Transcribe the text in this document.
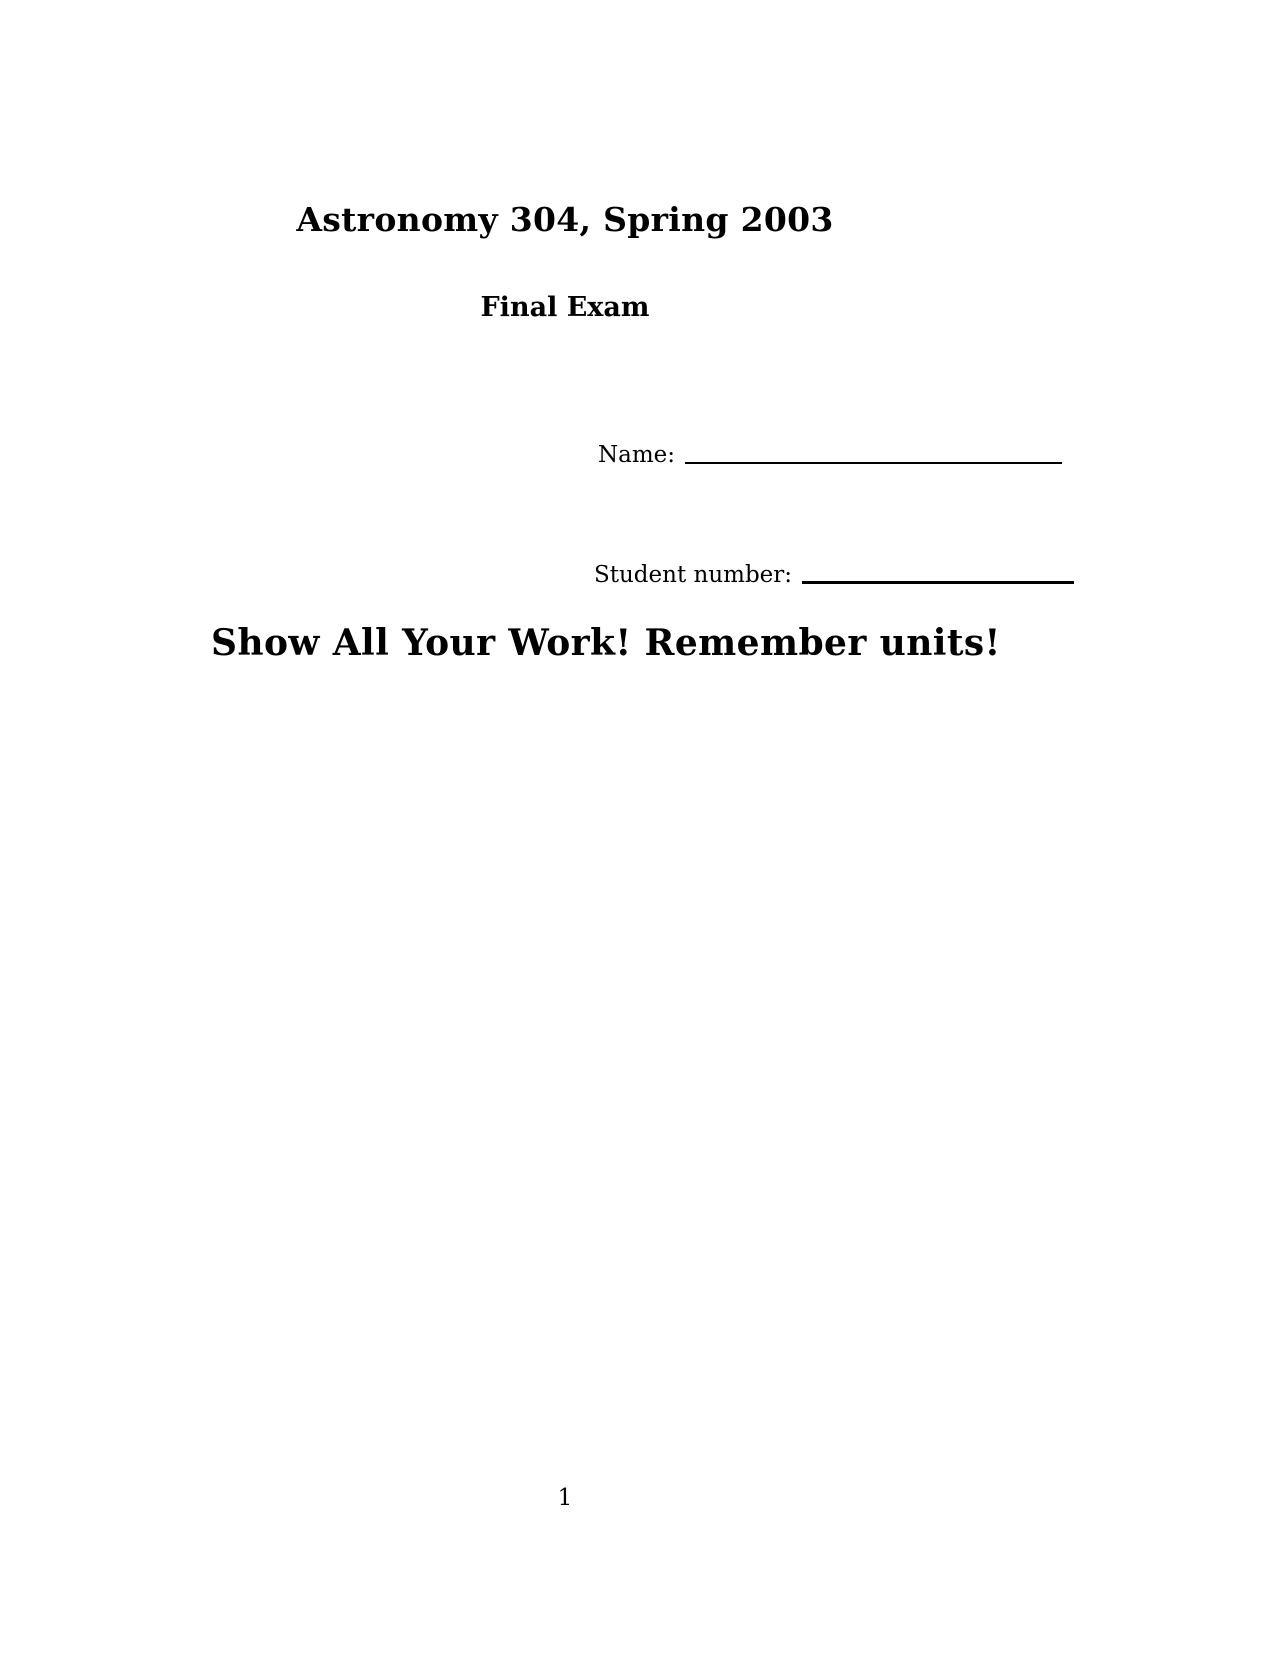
Astronomy 304, Spring 2003
Final Exam
Name:
Student number:
Show All Your Work! Remember units!
1
